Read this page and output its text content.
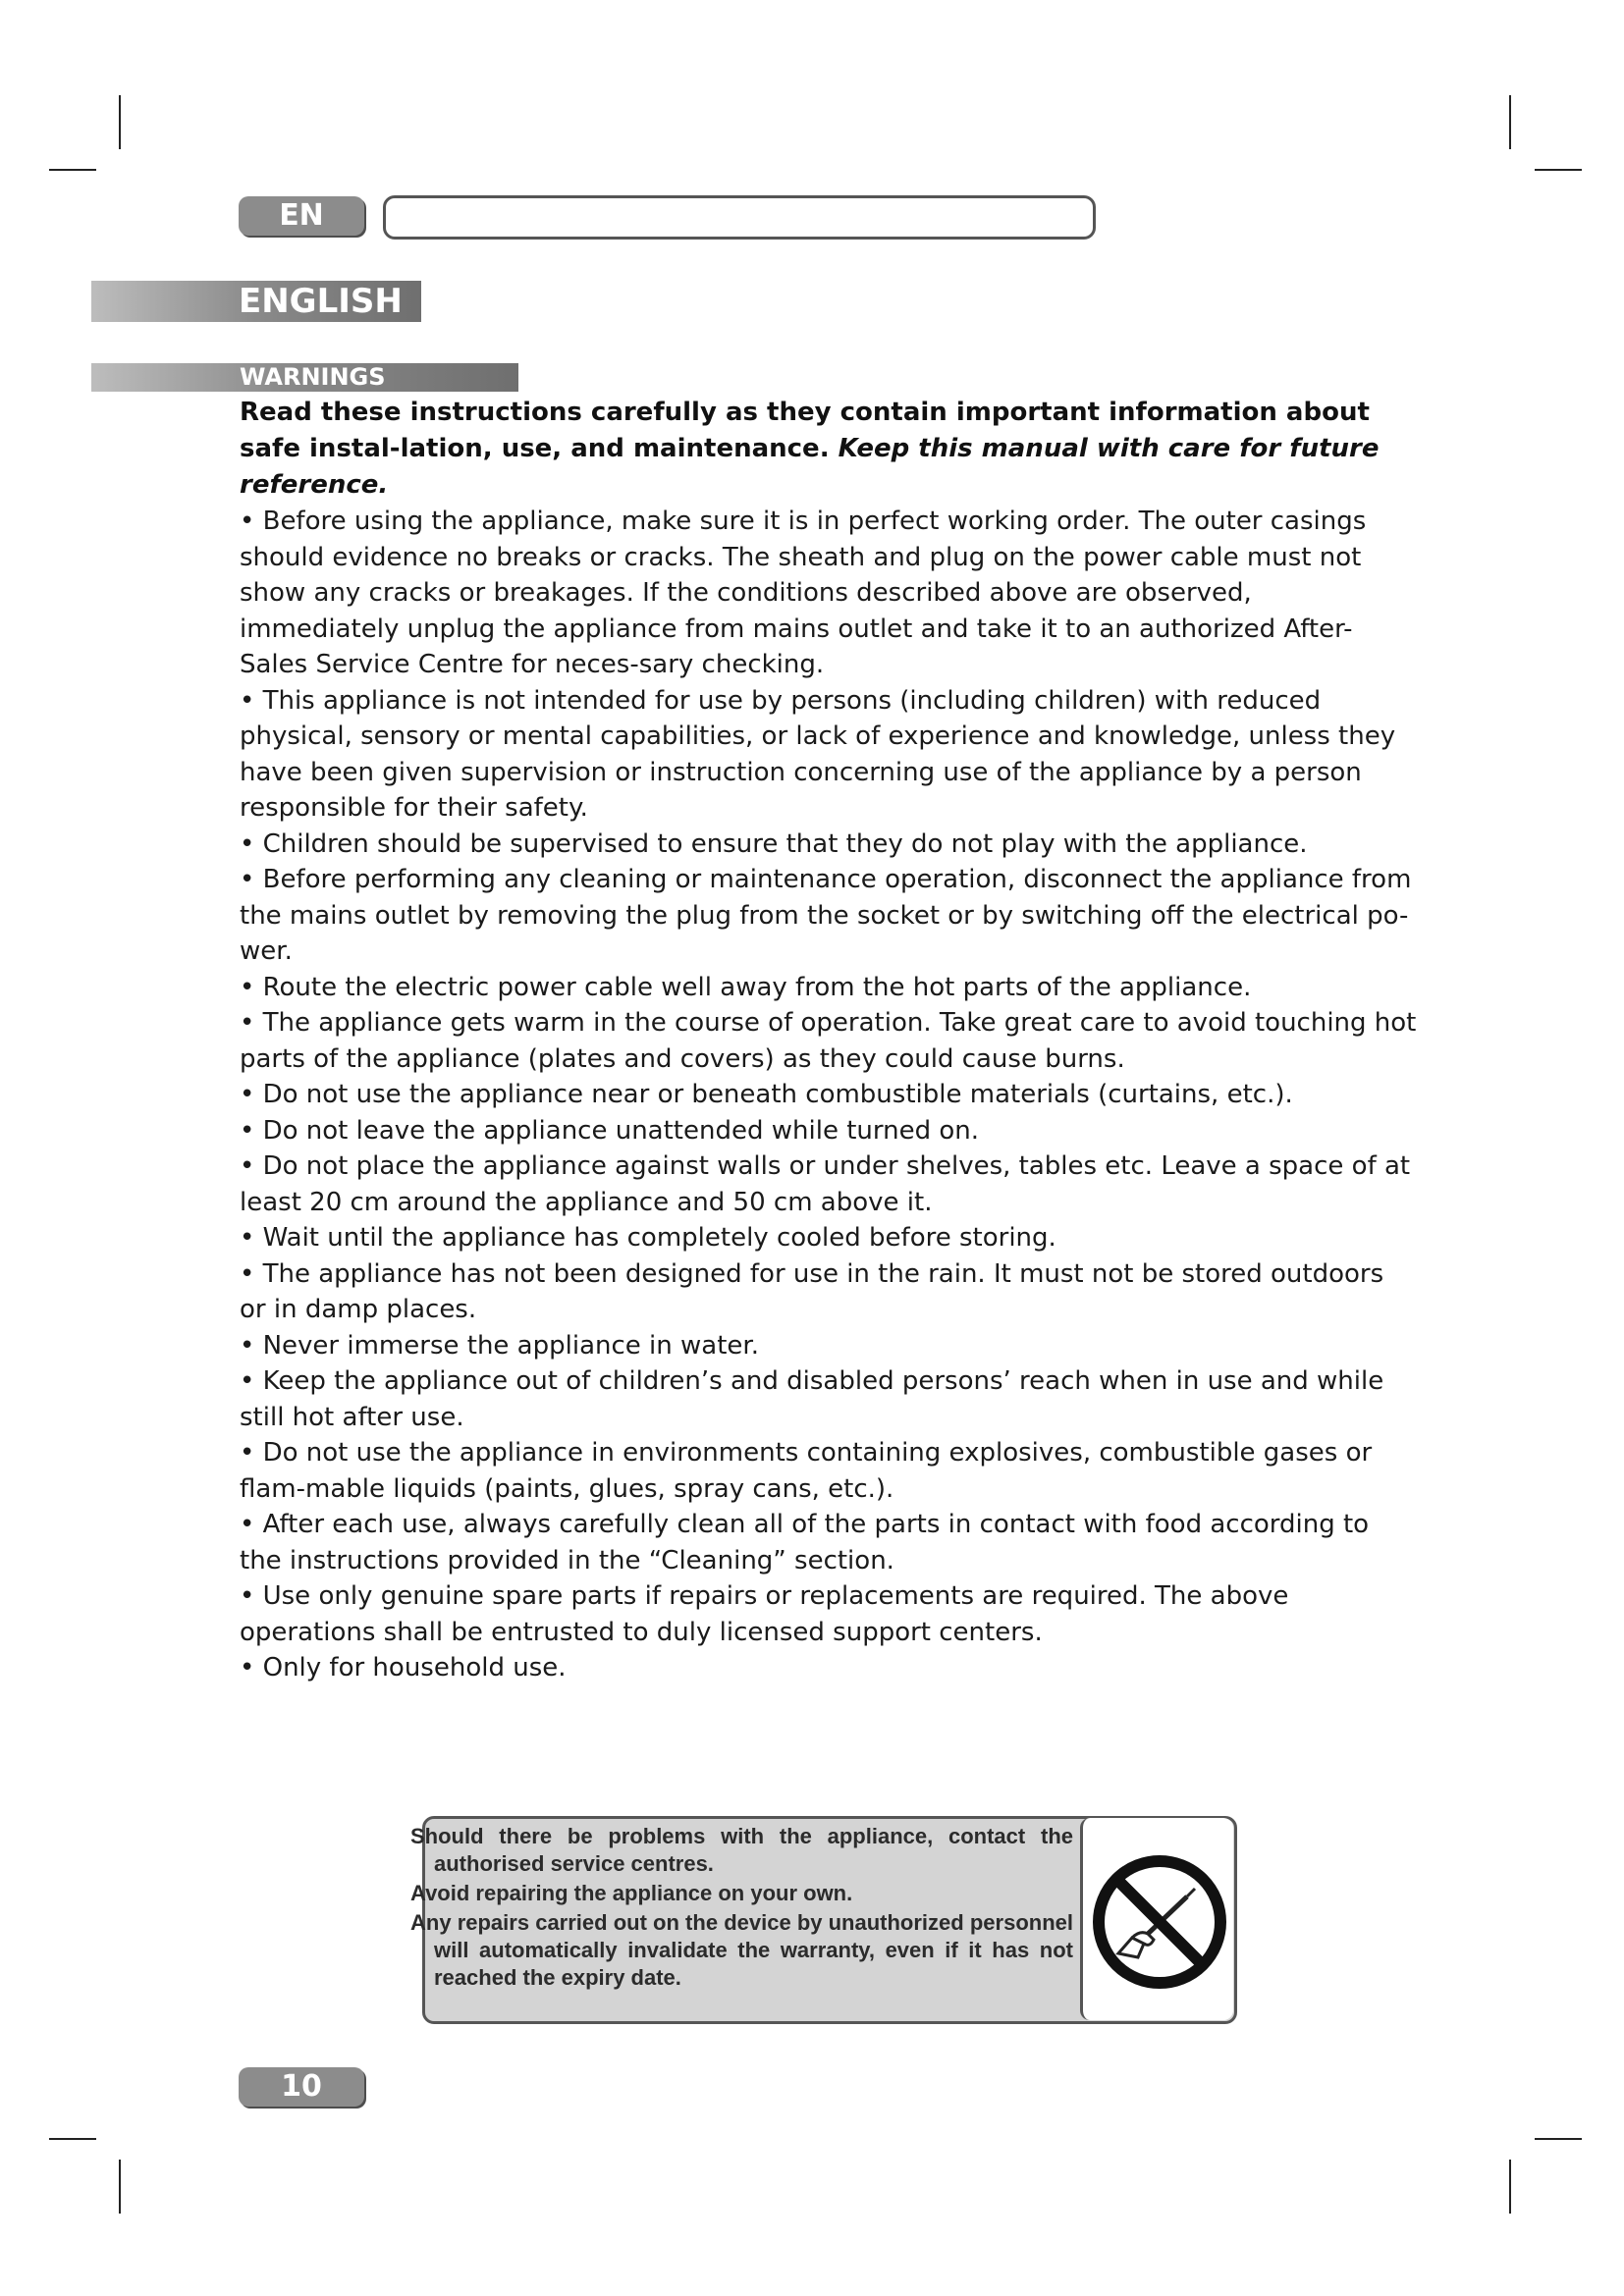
EN
ENGLISH
WARNINGS
Read these instructions carefully as they contain important information about safe instal-lation, use, and maintenance. Keep this manual with care for future reference.
• Before using the appliance, make sure it is in perfect working order. The outer casings should evidence no breaks or cracks. The sheath and plug on the power cable must not show any cracks or breakages. If the conditions described above are observed, immediately unplug the appliance from mains outlet and take it to an authorized After- Sales Service Centre for neces-sary checking.
• This appliance is not intended for use by persons (including children) with reduced physical, sensory or mental capabilities, or lack of experience and knowledge, unless they have been given supervision or instruction concerning use of the appliance by a person responsible for their safety.
• Children should be supervised to ensure that they do not play with the appliance.
• Before performing any cleaning or maintenance operation, disconnect the appliance from the mains outlet by removing the plug from the socket or by switching off the electrical po-wer.
• Route the electric power cable well away from the hot parts of the appliance.
• The appliance gets warm in the course of operation. Take great care to avoid touching hot parts of the appliance (plates and covers) as they could cause burns.
• Do not use the appliance near or beneath combustible materials (curtains, etc.).
• Do not leave the appliance unattended while turned on.
• Do not place the appliance against walls or under shelves, tables etc. Leave a space of at least 20 cm around the appliance and 50 cm above it.
• Wait until the appliance has completely cooled before storing.
• The appliance has not been designed for use in the rain. It must not be stored outdoors or in damp places.
• Never immerse the appliance in water.
• Keep the appliance out of children’s and disabled persons’ reach when in use and while still hot after use.
• Do not use the appliance in environments containing explosives, combustible gases or flam-mable liquids (paints, glues, spray cans, etc.).
• After each use, always carefully clean all of the parts in contact with food according to the instructions provided in the “Cleaning” section.
• Use only genuine spare parts if repairs or replacements are required. The above operations shall be entrusted to duly licensed support centers.
• Only for household use.

Should there be problems with the appliance, contact the authorised service centres.

Avoid repairing the appliance on your own.

Any repairs carried out on the device by unauthorized personnel will automatically invalidate the warranty, even if it has not reached the expiry date.

10
